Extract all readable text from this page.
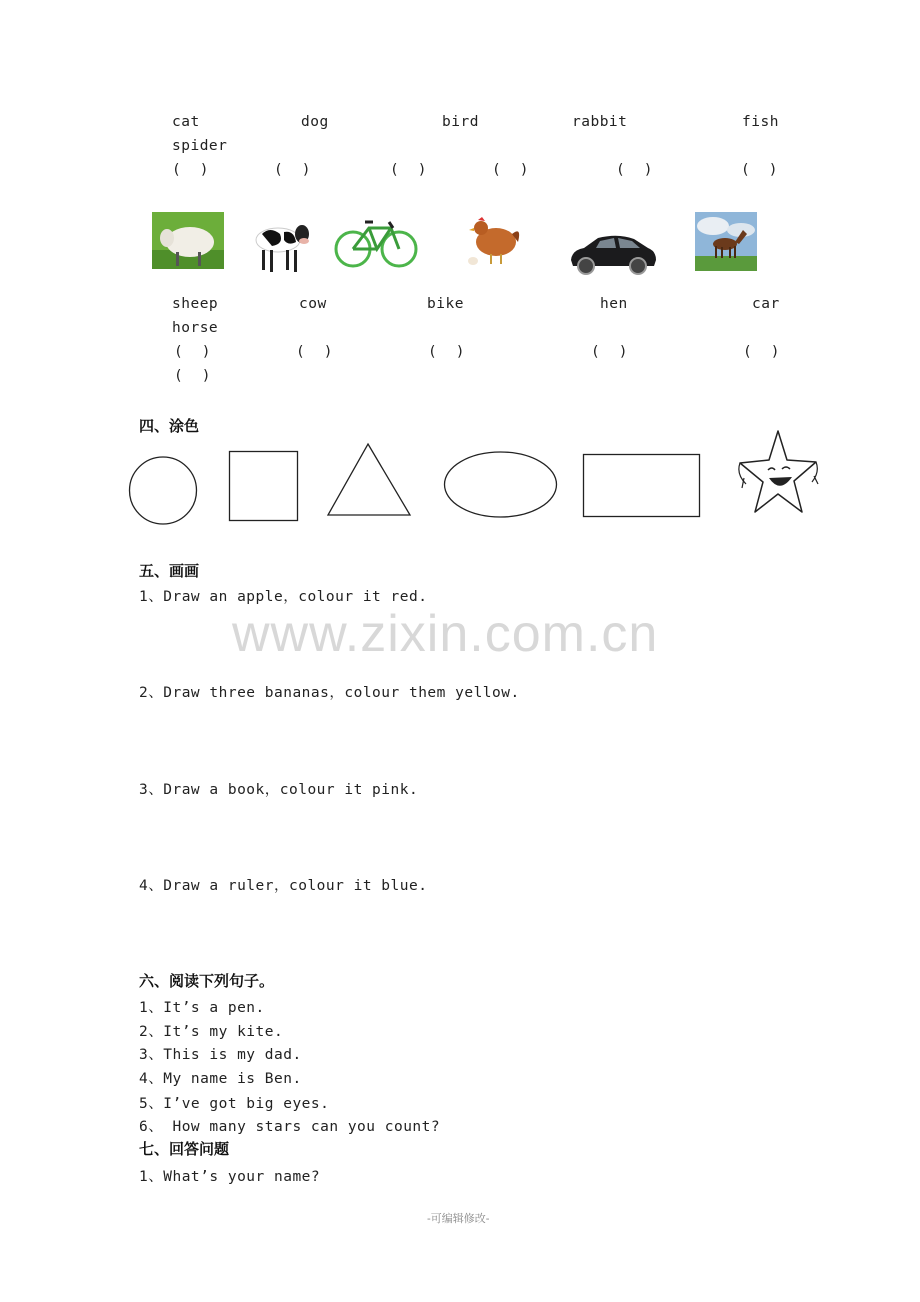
cat	dog	bird	rabbit	fish
spider
(  )	(  )	(  )	(  )	(  )	(  )
sheep	cow	bike	hen	car
horse
(  )	(  )	(  )	(  )	(  )
(  )
四、涂色
五、画画
1、Draw an apple，colour it red.
www.zixin.com.cn
2、Draw three bananas，colour them yellow.
3、Draw a book，colour it pink.
4、Draw a ruler，colour it blue.
六、阅读下列句子。
1、It’s a pen.
2、It’s my kite.
3、This is my dad.
4、My name is Ben.
5、I’ve got big eyes.
6、 How many stars can you count?
七、回答问题
1、What’s your name?
-可编辑修改-
